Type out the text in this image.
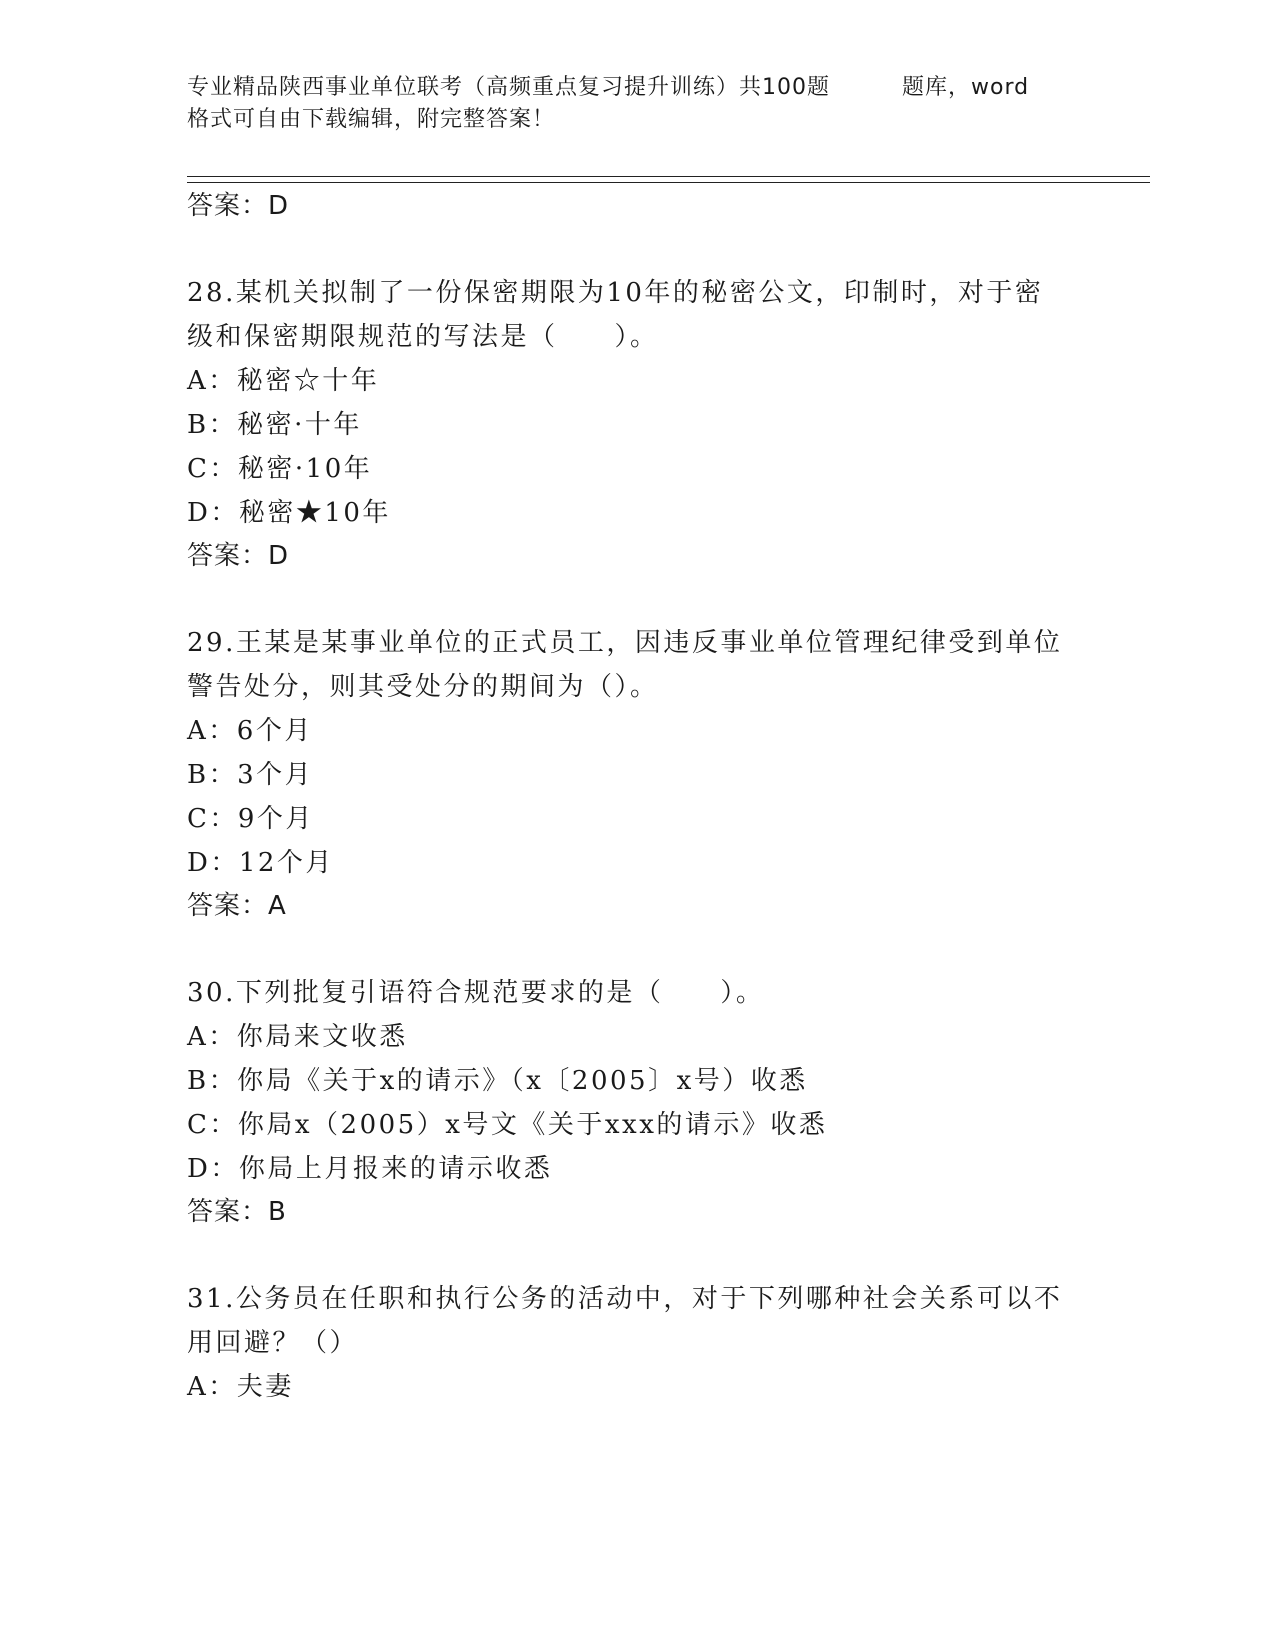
专业精品陕西事业单位联考（高频重点复习提升训练）共100题	题库，word
格式可自由下载编辑，附完整答案！
答案：D
28.某机关拟制了一份保密期限为10年的秘密公文，印制时，对于密
级和保密期限规范的写法是（　　）。
A：秘密☆十年
B：秘密·十年
C：秘密·10年
D：秘密★10年
答案：D
29.王某是某事业单位的正式员工，因违反事业单位管理纪律受到单位
警告处分，则其受处分的期间为（）。
A：6个月
B：3个月
C：9个月
D：12个月
答案：A
30.下列批复引语符合规范要求的是（　　）。
A：你局来文收悉
B：你局《关于x的请示》（x〔2005〕x号）收悉
C：你局x（2005）x号文《关于xxx的请示》收悉
D：你局上月报来的请示收悉
答案：B
31.公务员在任职和执行公务的活动中，对于下列哪种社会关系可以不
用回避？（）
A：夫妻
